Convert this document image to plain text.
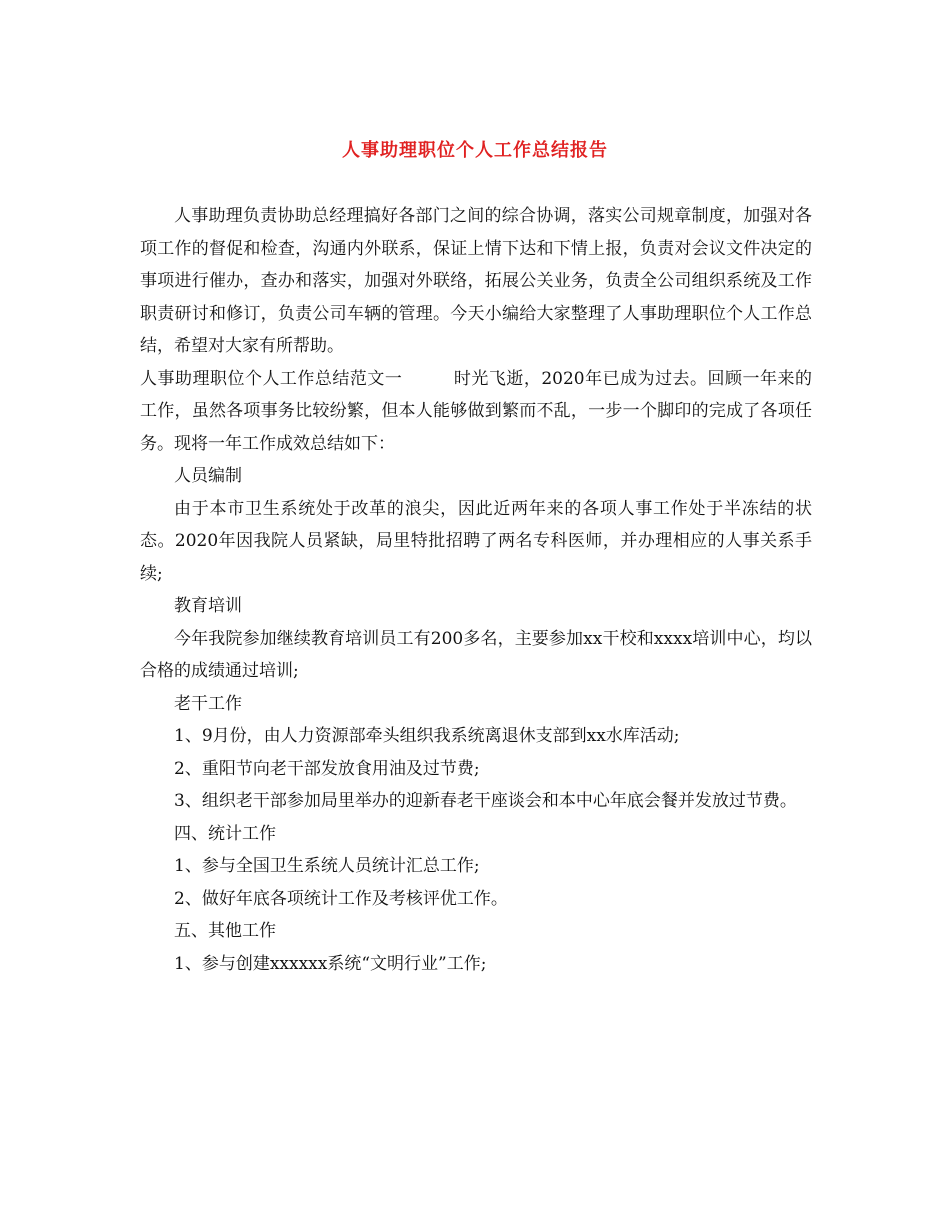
人事助理职位个人工作总结报告

人事助理负责协助总经理搞好各部门之间的综合协调，落实公司规章制度，加强对各项工作的督促和检查，沟通内外联系，保证上情下达和下情上报，负责对会议文件决定的事项进行催办，查办和落实，加强对外联络，拓展公关业务，负责全公司组织系统及工作职责研讨和修订，负责公司车辆的管理。今天小编给大家整理了人事助理职位个人工作总结，希望对大家有所帮助。

人事助理职位个人工作总结范文一	时光飞逝，2020年已成为过去。回顾一年来的工作，虽然各项事务比较纷繁，但本人能够做到繁而不乱，一步一个脚印的完成了各项任务。现将一年工作成效总结如下：

人员编制

由于本市卫生系统处于改革的浪尖，因此近两年来的各项人事工作处于半冻结的状态。2020年因我院人员紧缺，局里特批招聘了两名专科医师，并办理相应的人事关系手续;

教育培训

今年我院参加继续教育培训员工有200多名，主要参加xx干校和xxxx培训中心，均以合格的成绩通过培训;

老干工作

1、9月份，由人力资源部牵头组织我系统离退休支部到xx水库活动;

2、重阳节向老干部发放食用油及过节费;

3、组织老干部参加局里举办的迎新春老干座谈会和本中心年底会餐并发放过节费。

四、统计工作

1、参与全国卫生系统人员统计汇总工作;

2、做好年底各项统计工作及考核评优工作。

五、其他工作

1、参与创建xxxxxx系统“文明行业”工作;
